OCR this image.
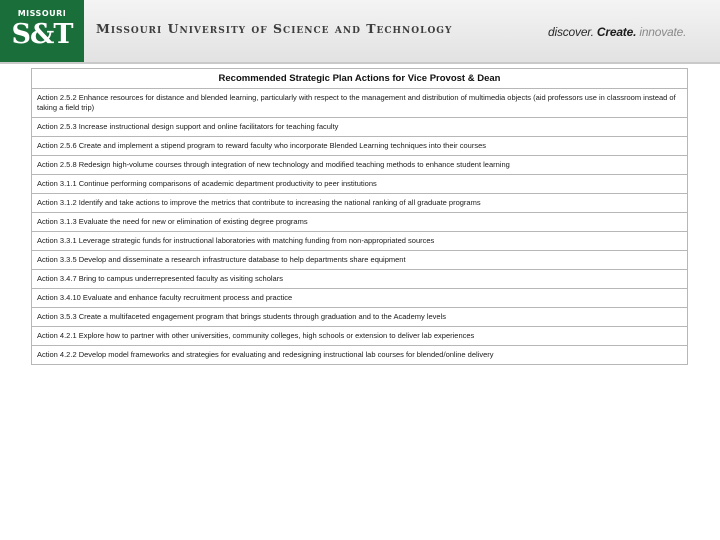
MISSOURI
S&T	Missouri University of Science and Technology	discover. Create. innovate.
Recommended Strategic Plan Actions for Vice Provost & Dean
Action 2.5.2 Enhance resources for distance and blended learning, particularly with respect to the management and distribution of multimedia objects (aid professors use in classroom instead of taking a field trip)
Action 2.5.3 Increase instructional design support and online facilitators for teaching faculty
Action 2.5.6 Create and implement a stipend program to reward faculty who incorporate Blended Learning techniques into their courses
Action 2.5.8 Redesign high-volume courses through integration of new technology and modified teaching methods to enhance student learning
Action 3.1.1 Continue performing comparisons of academic department productivity to peer institutions
Action 3.1.2 Identify and take actions to improve the metrics that contribute to increasing the national ranking of all graduate programs
Action 3.1.3 Evaluate the need for new or elimination of existing degree programs
Action 3.3.1 Leverage strategic funds for instructional laboratories with matching funding from non-appropriated sources
Action 3.3.5 Develop and disseminate a research infrastructure database to help departments share equipment
Action 3.4.7 Bring to campus underrepresented faculty as visiting scholars
Action 3.4.10 Evaluate and enhance faculty recruitment process and practice
Action 3.5.3 Create a multifaceted engagement program that brings students through graduation and to the Academy levels
Action 4.2.1 Explore how to partner with other universities, community colleges, high schools or extension to deliver lab experiences
Action 4.2.2 Develop model frameworks and strategies for evaluating and redesigning instructional lab courses for blended/online delivery
